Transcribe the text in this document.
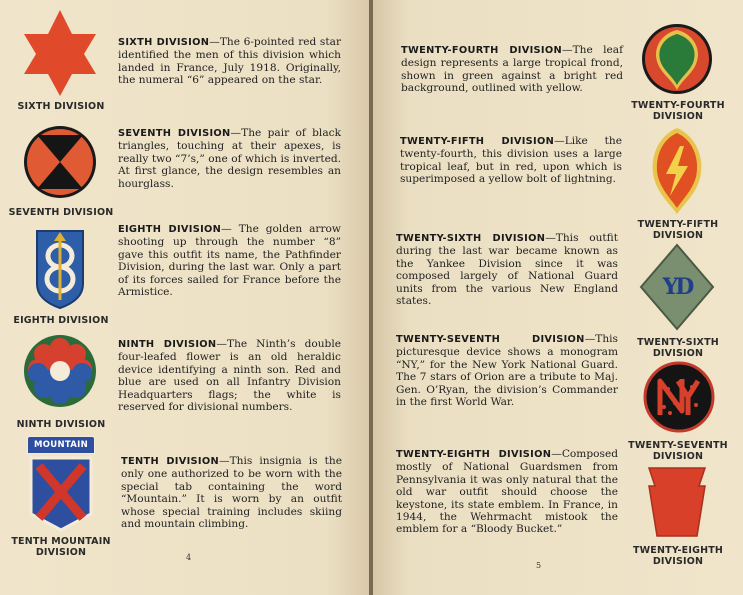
SIXTH DIVISION
SIXTH DIVISION—The 6-pointed red star identified the men of this division which landed in France, July 1918. Originally, the numeral “6” appeared on the star.
SEVENTH DIVISION
SEVENTH DIVISION—The pair of black triangles, touching at their apexes, is really two “7’s,” one of which is inverted. At first glance, the design resembles an hourglass.
EIGHTH DIVISION
EIGHTH DIVISION— The golden arrow shooting up through the number “8” gave this outfit its name, the Pathfinder Division, during the last war. Only a part of its forces sailed for France before the Armistice.
NINTH DIVISION
NINTH DIVISION—The Ninth’s double four-leafed flower is an old heraldic device identifying a ninth son. Red and blue are used on all Infantry Division Headquarters flags; the white is reserved for divisional numbers.
MOUNTAIN
TENTH MOUNTAIN
DIVISION
TENTH DIVISION—This insignia is the only one authorized to be worn with the special tab containing the word “Mountain.” It is worn by an outfit whose special training includes skiing and mountain climbing.
4
TWENTY-FOURTH
DIVISION
TWENTY-FOURTH DIVISION—The leaf design represents a large tropical frond, shown in green against a bright red background, outlined with yellow.
TWENTY-FIFTH
DIVISION
TWENTY-FIFTH DIVISION—Like the twenty-fourth, this division uses a large tropical leaf, but in red, upon which is superimposed a yellow bolt of lightning.
YD
TWENTY-SIXTH
DIVISION
TWENTY-SIXTH DIVISION—This outfit during the last war became known as the Yankee Division since it was composed largely of National Guard units from the various New England states.
TWENTY-SEVENTH
DIVISION
TWENTY-SEVENTH DIVISION—This picturesque device shows a monogram “NY,” for the New York National Guard. The 7 stars of Orion are a tribute to Maj. Gen. O’Ryan, the division’s Commander in the first World War.
TWENTY-EIGHTH
DIVISION
TWENTY-EIGHTH DIVISION—Composed mostly of National Guardsmen from Pennsylvania it was only natural that the old war outfit should choose the keystone, its state emblem. In France, in 1944, the Wehrmacht mistook the emblem for a “Bloody Bucket.”
5
